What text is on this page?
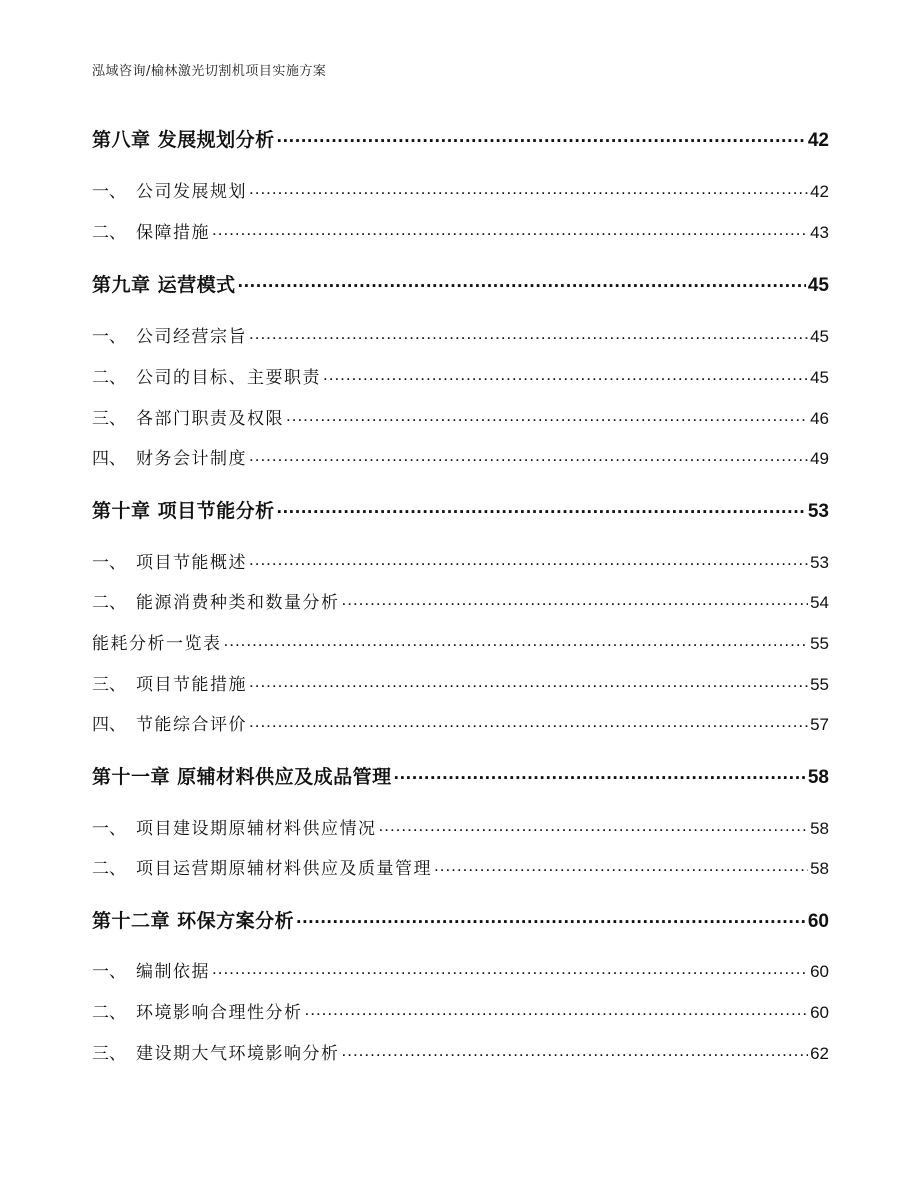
泓域咨询/榆林激光切割机项目实施方案
第八章 发展规划分析 .....	42
一、 公司发展规划 .....	42
二、 保障措施 .....	43
第九章 运营模式 .....	45
一、 公司经营宗旨 .....	45
二、 公司的目标、主要职责 .....	45
三、 各部门职责及权限 .....	46
四、 财务会计制度 .....	49
第十章 项目节能分析 .....	53
一、 项目节能概述 .....	53
二、 能源消费种类和数量分析 .....	54
能耗分析一览表 .....	55
三、 项目节能措施 .....	55
四、 节能综合评价 .....	57
第十一章 原辅材料供应及成品管理 .....	58
一、 项目建设期原辅材料供应情况 .....	58
二、 项目运营期原辅材料供应及质量管理 .....	58
第十二章 环保方案分析 .....	60
一、 编制依据 .....	60
二、 环境影响合理性分析 .....	60
三、 建设期大气环境影响分析 .....	62
